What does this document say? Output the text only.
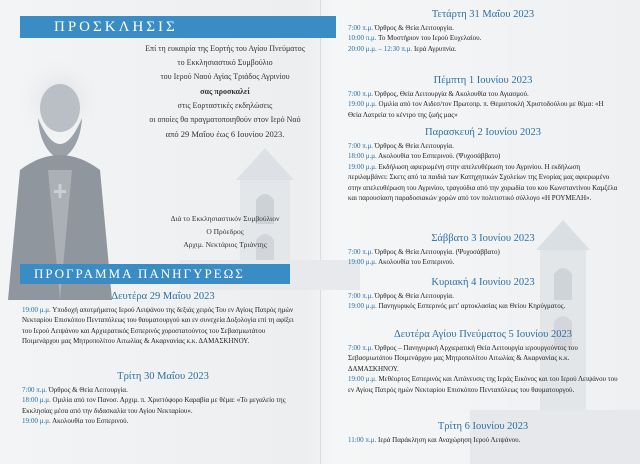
ΠΡΟΣΚΛΗΣΙΣ
Επί τη ευκαιρία της Εορτής του Αγίου Πνεύματος
το Εκκλησιαστικό Συμβούλιο
του Ιερού Ναού Αγίας Τριάδος Αγρινίου
σας προσκαλεί
στις Εορταστικές εκδηλώσεις
οι οποίες θα πραγματοποιηθούν στον Ιερό Ναό
από 29 Μαΐου έως 6 Ιουνίου 2023.
Διά το Εκκλησιαστικόν Συμβούλιον
Ο Πρόεδρος
Αρχιμ. Νεκτάριος Τριάντης
ΠΡΟΓΡΑΜΜΑ ΠΑΝΗΓΥΡΕΩΣ
Δευτέρα 29 Μαΐου 2023
19:00 μ.μ. Υποδοχή αποτμήματος Ιερού Λειψάνου της δεξιάς χειρός Του εν Αγίοις Πατρός ημών Νεκταρίου Επισκόπου Πενταπόλεως του θαυματουργού και εν συνεχεία Δοξολογία επί τη αφίξει του Ιερού Λειψάνου και Αρχιερατικός Εσπερινός χοροστατούντος του Σεβασμιωτάτου Ποιμενάρχου μας Μητροπολίτου Αιτωλίας & Ακαρνανίας κ.κ. ΔΑΜΑΣΚΗΝΟΥ.
Τρίτη 30 Μαΐου 2023
7:00 π.μ. Όρθρος & Θεία Λειτουργία.
18:00 μ.μ. Ομιλία από τον Πανοσ. Αρχιμ. π. Χριστόφορο Καραβία με θέμα: «Το μεγαλείο της Εκκλησίας μέσα από την διδασκαλία του Αγίου Νεκταρίου».
19:00 μ.μ. Ακολουθία του Εσπερινού.
Τετάρτη 31 Μαΐου 2023
7:00 π.μ. Όρθρος & Θεία Λειτουργία.
10:00 π.μ. Το Μυστήριον του Ιερού Ευχελαίου.
20:00 μ.μ. – 12:30 π.μ. Ιερά Αγρυπνία.
Πέμπτη 1 Ιουνίου 2023
7:00 π.μ. Όρθρος, Θεία Λειτουργία & Ακολουθία του Αγιασμού.
19:00 μ.μ. Ομιλία από τον Αιδεσ/τον Πρωτοπρ. π. Θεμιστοκλή Χριστοδούλου με θέμα: «Η Θεία Λατρεία το κέντρο της ζωής μας»
Παρασκευή 2 Ιουνίου 2023
7:00 π.μ. Όρθρος & Θεία Λειτουργία.
18:00 μ.μ. Ακολουθία του Εσπερινού. (Ψυχοσάββατο)
19:00 μ.μ. Εκδήλωση αφιερωμένη στην απελευθέρωση του Αγρινίου. Η εκδήλωση περιλαμβάνει: Σκετς από τα παιδιά των Κατηχητικών Σχολείων της Ενορίας μας αφιερωμένο στην απελευθέρωση του Αγρινίου, τραγούδια από την χορωδία του κου Κωνσταντίνου Καμζέλα και παρουσίαση παραδοσιακών χορών από τον πολιτιστικό σύλλογο «Η ΡΟΥΜΕΛΗ».
Σάββατο 3 Ιουνίου 2023
7:00 π.μ. Όρθρος & Θεία Λειτουργία. (Ψυχοσάββατο)
19:00 μ.μ. Ακολουθία του Εσπερινού.
Κυριακή 4 Ιουνίου 2023
7:00 π.μ. Όρθρος & Θεία Λειτουργία.
19:00 μ.μ. Πανηγυρικός Εσπερινός μετ' αρτοκλασίας και Θείου Κηρύγματος.
Δευτέρα Αγίου Πνεύματος 5 Ιουνίου 2023
7:00 π.μ. Όρθρος – Πανηγυρική Αρχιερατική Θεία Λειτουργία ιερουργούντος του Σεβασμιωτάτου Ποιμενάρχου μας Μητροπολίτου Αιτωλίας & Ακαρνανίας κ.κ. ΔΑΜΑΣΚΗΝΟΥ.
19:00 μ.μ. Μεθέορτος Εσπερινός και Λιτάνευσις της Ιεράς Εικόνος και του Ιερού Λειψάνου του εν Αγίοις Πατρός ημών Νεκταρίου Επισκόπου Πενταπόλεως του θαυματουργού.
Τρίτη 6 Ιουνίου 2023
11:00 π.μ. Ιερά Παράκληση και Αναχώρηση Ιερού Λειψάνου.
